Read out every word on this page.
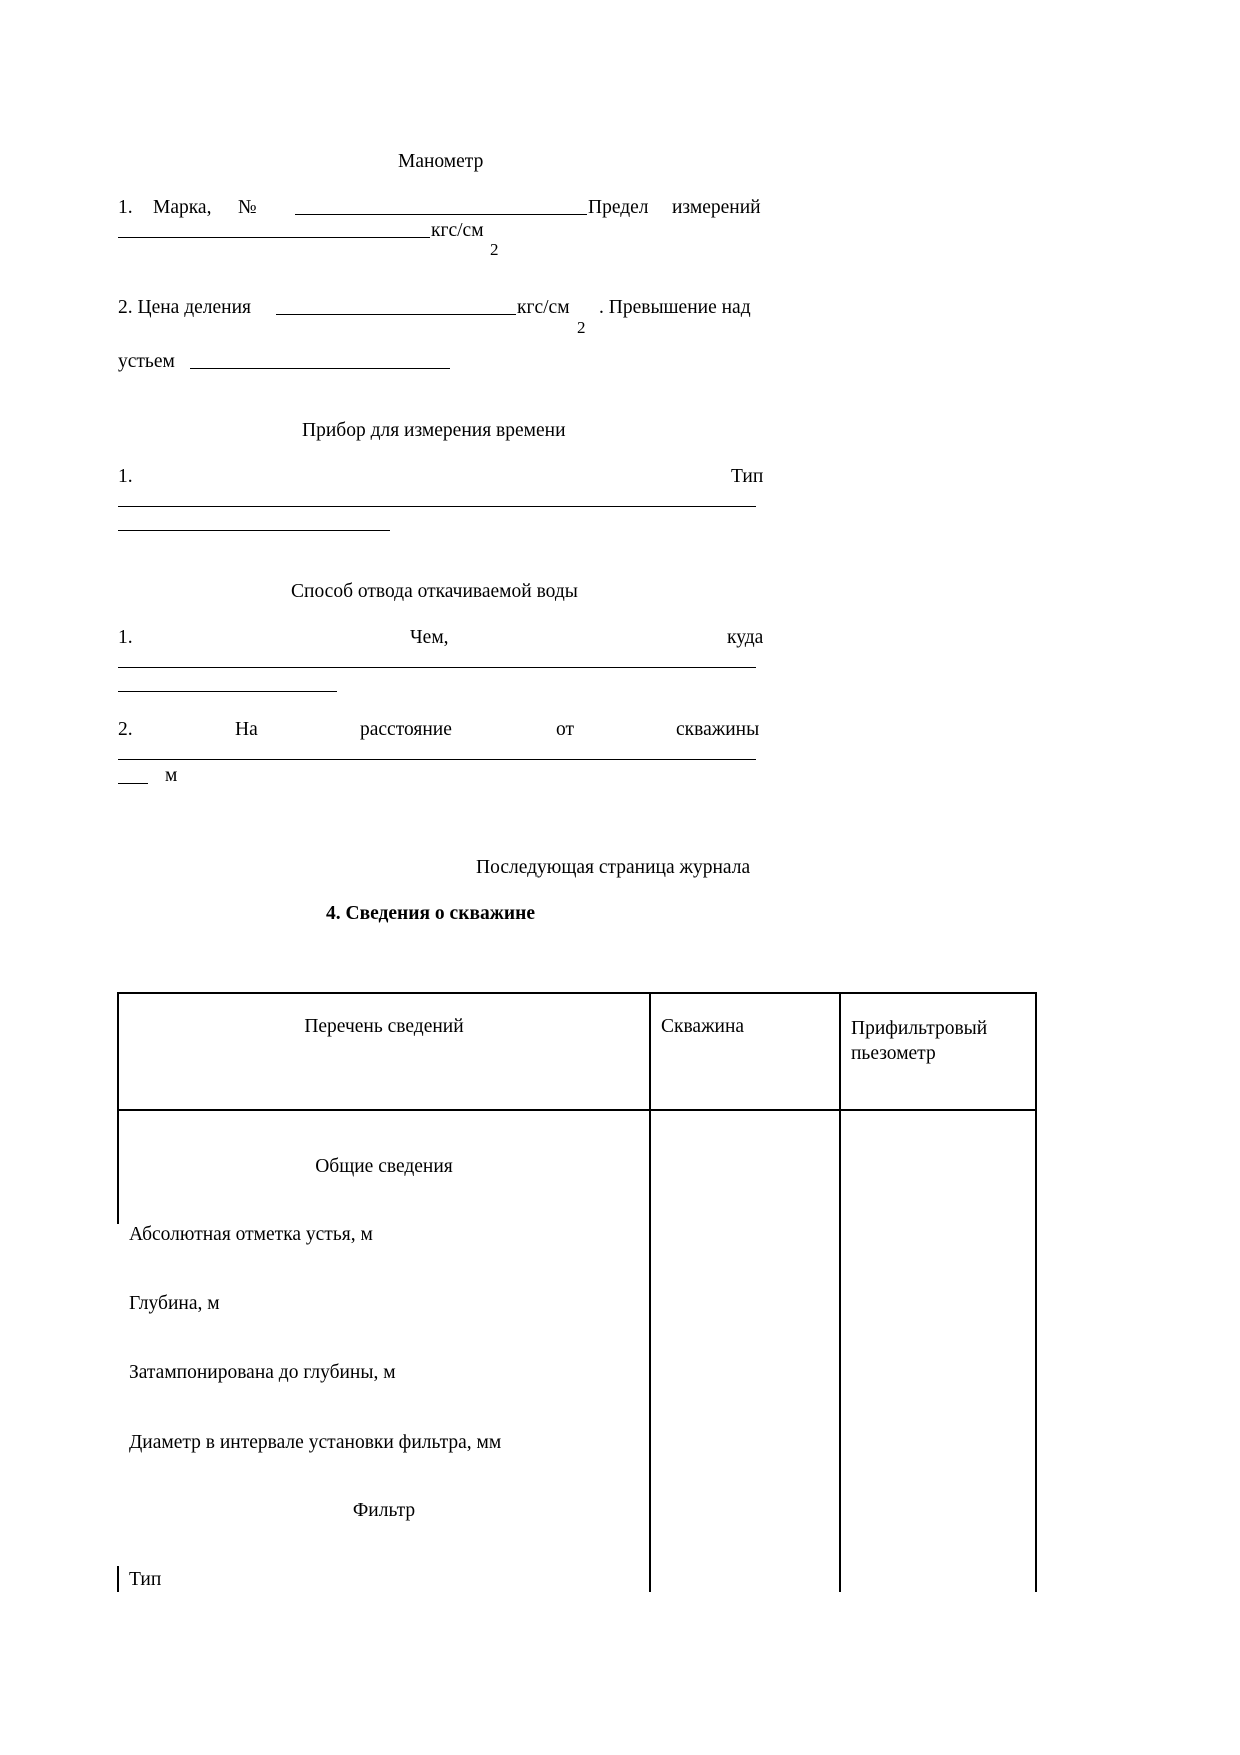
Манометр
1. Марка, №	Предел измерений
кгс/см
2
2. Цена деления	кгс/см
2
. Превышение над
устьем
Прибор для измерения времени
1.	Тип
Способ отвода откачиваемой воды
1.	Чем,	куда
2.	На	расстояние	от	скважины
м
Последующая страница журнала
4. Сведения о скважине
Перечень сведений	Скважина	Прифильтровый пьезометр
Общие сведения
Абсолютная отметка устья, м
Глубина, м
Затампонирована до глубины, м
Диаметр в интервале установки фильтра, мм
Фильтр
Тип
